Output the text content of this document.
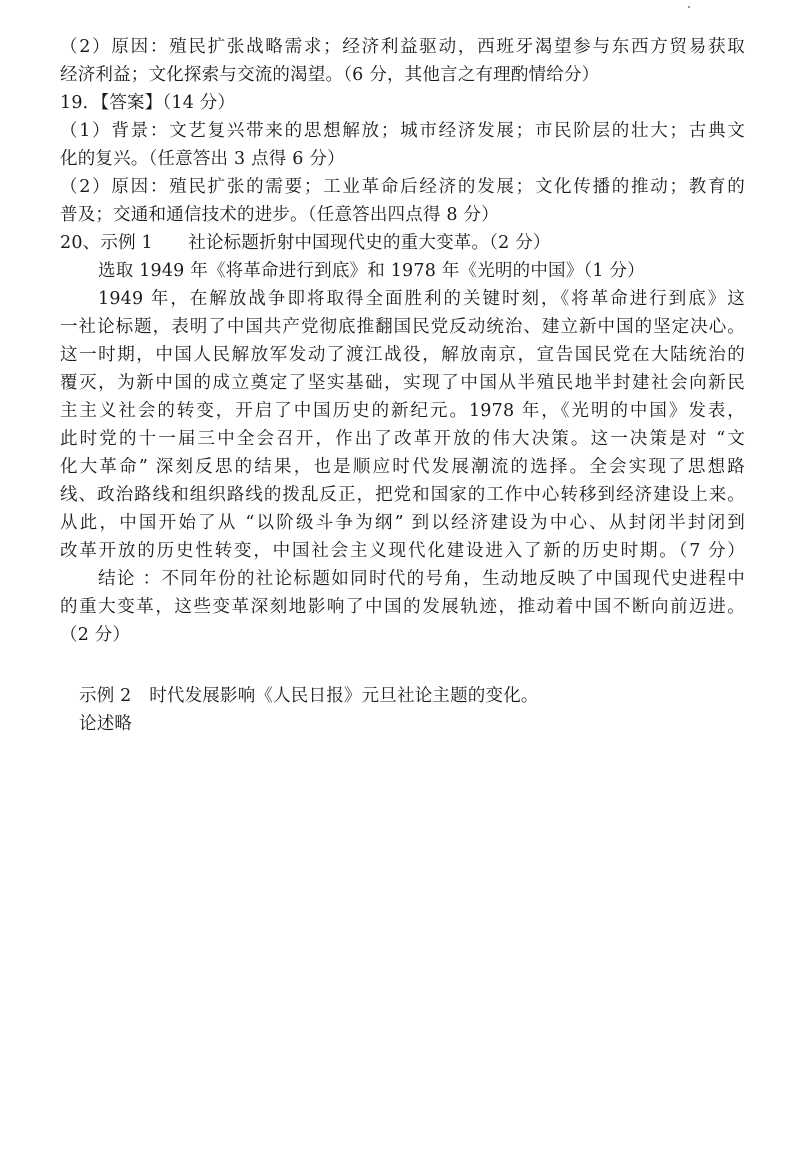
（2）原因：殖民扩张战略需求；经济利益驱动，西班牙渴望参与东西方贸易获取
经济利益；文化探索与交流的渴望。（6 分，其他言之有理酌情给分）
19．【答案】（14 分）
（1）背景：文艺复兴带来的思想解放；城市经济发展；市民阶层的壮大；古典文
化的复兴。（任意答出 3 点得 6 分）
（2）原因：殖民扩张的需要；工业革命后经济的发展；文化传播的推动；教育的
普及；交通和通信技术的进步。（任意答出四点得 8 分）
20、示例 1　　社论标题折射中国现代史的重大变革。（2 分）
选取 1949 年《将革命进行到底》和 1978 年《光明的中国》（1 分）
1949 年，在解放战争即将取得全面胜利的关键时刻，《将革命进行到底》这
一社论标题，表明了中国共产党彻底推翻国民党反动统治、建立新中国的坚定决心。
这一时期，中国人民解放军发动了渡江战役，解放南京，宣告国民党在大陆统治的
覆灭，为新中国的成立奠定了坚实基础，实现了中国从半殖民地半封建社会向新民
主主义社会的转变，开启了中国历史的新纪元。1978 年，《光明的中国》发表，
此时党的十一届三中全会召开，作出了改革开放的伟大决策。这一决策是对 “文
化大革命” 深刻反思的结果，也是顺应时代发展潮流的选择。全会实现了思想路
线、政治路线和组织路线的拨乱反正，把党和国家的工作中心转移到经济建设上来。
从此，中国开始了从 “以阶级斗争为纲” 到以经济建设为中心、从封闭半封闭到
改革开放的历史性转变，中国社会主义现代化建设进入了新的历史时期。（7 分）
结论 ：不同年份的社论标题如同时代的号角，生动地反映了中国现代史进程中
的重大变革，这些变革深刻地影响了中国的发展轨迹，推动着中国不断向前迈进。
（2 分）
示例 2　时代发展影响《人民日报》元旦社论主题的变化。
论述略
